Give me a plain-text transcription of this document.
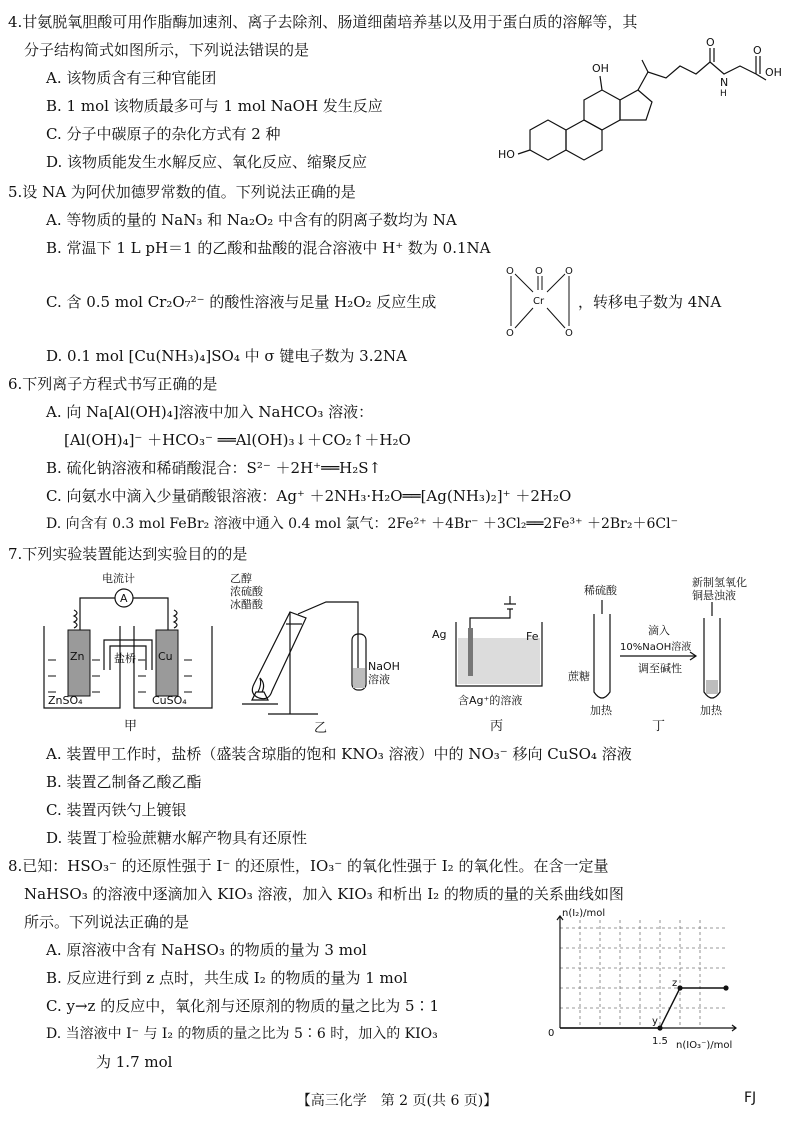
4.甘氨脱氧胆酸可用作脂酶加速剂、离子去除剂、肠道细菌培养基以及用于蛋白质的溶解等，其
分子结构简式如图所示，下列说法错误的是
A. 该物质含有三种官能团
B. 1 mol 该物质最多可与 1 mol NaOH 发生反应
C. 分子中碳原子的杂化方式有 2 种
D. 该物质能发生水解反应、氧化反应、缩聚反应
OH
HO
O
N
H
O
OH
5.设 NA 为阿伏加德罗常数的值。下列说法正确的是
A. 等物质的量的 NaN₃ 和 Na₂O₂ 中含有的阴离子数均为 NA
B. 常温下 1 L pH＝1 的乙酸和盐酸的混合溶液中 H⁺ 数为 0.1NA
C. 含 0.5 mol Cr₂O₇²⁻ 的酸性溶液与足量 H₂O₂ 反应生成	，转移电子数为 4NA
O O O
Cr
O	O
D. 0.1 mol [Cu(NH₃)₄]SO₄ 中 σ 键电子数为 3.2NA
6.下列离子方程式书写正确的是
A. 向 Na[Al(OH)₄]溶液中加入 NaHCO₃ 溶液：
[Al(OH)₄]⁻ ＋HCO₃⁻ ══Al(OH)₃↓＋CO₂↑＋H₂O
B. 硫化钠溶液和稀硝酸混合：S²⁻ ＋2H⁺══H₂S↑
C. 向氨水中滴入少量硝酸银溶液：Ag⁺ ＋2NH₃·H₂O══[Ag(NH₃)₂]⁺ ＋2H₂O
D. 向含有 0.3 mol FeBr₂ 溶液中通入 0.4 mol 氯气：2Fe²⁺ ＋4Br⁻ ＋3Cl₂══2Fe³⁺ ＋2Br₂＋6Cl⁻
7.下列实验装置能达到实验目的的是
电流计
A
Zn	Cu
盐桥
ZnSO₄	CuSO₄
甲
乙醇
浓硫酸
冰醋酸
NaOH
溶液
乙
Ag	Fe
含Ag⁺的溶液
丙
稀硫酸
蔗糖
加热
滴入
10%NaOH溶液
调至碱性
新制氢氧化
铜悬浊液
加热
丁
A. 装置甲工作时，盐桥（盛装含琼脂的饱和 KNO₃ 溶液）中的 NO₃⁻ 移向 CuSO₄ 溶液
B. 装置乙制备乙酸乙酯
C. 装置丙铁勺上镀银
D. 装置丁检验蔗糖水解产物具有还原性
8.已知：HSO₃⁻ 的还原性强于 I⁻ 的还原性，IO₃⁻ 的氧化性强于 I₂ 的氧化性。在含一定量
NaHSO₃ 的溶液中逐滴加入 KIO₃ 溶液，加入 KIO₃ 和析出 I₂ 的物质的量的关系曲线如图
所示。下列说法正确的是
A. 原溶液中含有 NaHSO₃ 的物质的量为 3 mol
B. 反应进行到 z 点时，共生成 I₂ 的物质的量为 1 mol
C. y→z 的反应中，氧化剂与还原剂的物质的量之比为 5∶1
D. 当溶液中 I⁻ 与 I₂ 的物质的量之比为 5∶6 时，加入的 KIO₃
为 1.7 mol
n(I₂)/mol
0
1.5 n(IO₃⁻)/mol
y
z
【高三化学　第 2 页(共 6 页)】	FJ
